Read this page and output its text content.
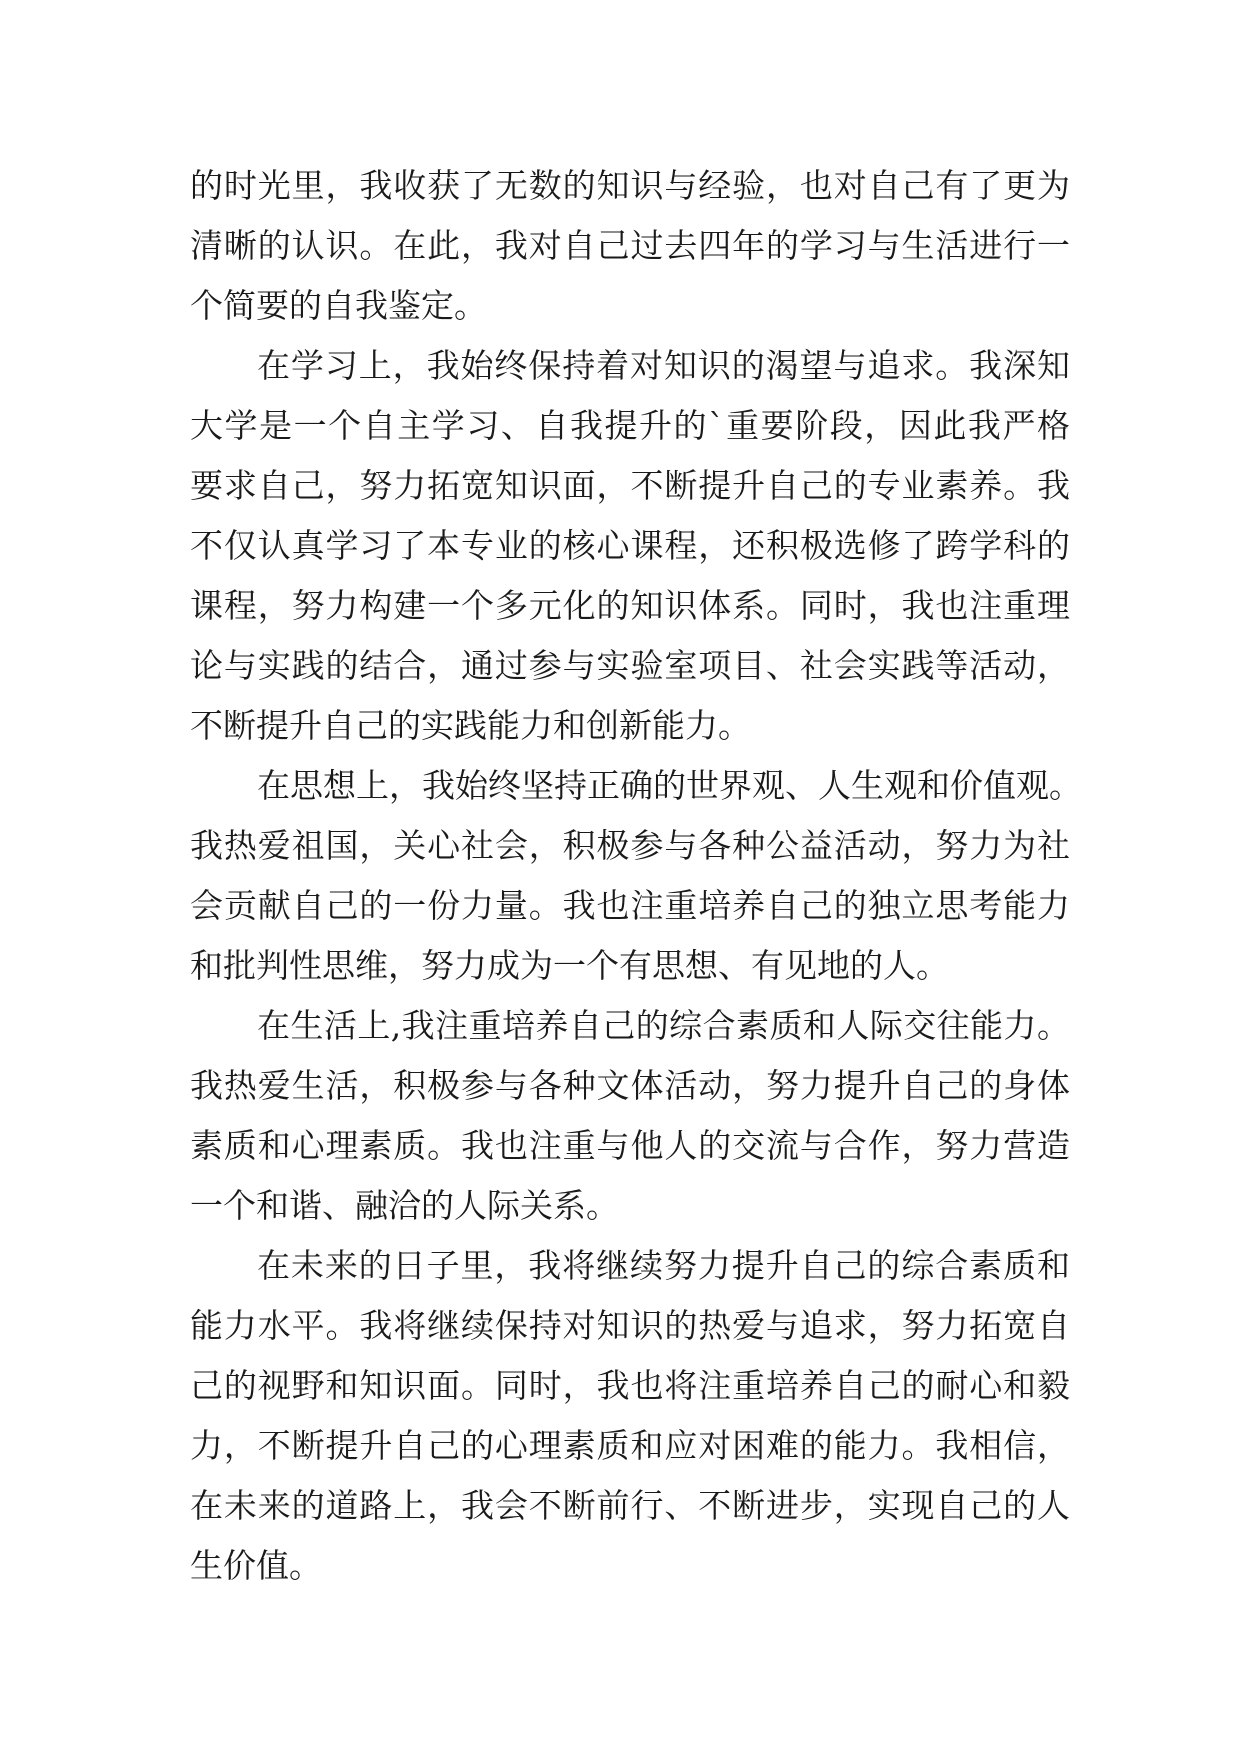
的时光里，我收获了无数的知识与经验，也对自己有了更为
清晰的认识。在此，我对自己过去四年的学习与生活进行一
个简要的自我鉴定。
在学习上，我始终保持着对知识的渴望与追求。我深知
大学是一个自主学习、自我提升的`重要阶段，因此我严格
要求自己，努力拓宽知识面，不断提升自己的专业素养。我
不仅认真学习了本专业的核心课程，还积极选修了跨学科的
课程，努力构建一个多元化的知识体系。同时，我也注重理
论与实践的结合，通过参与实验室项目、社会实践等活动，
不断提升自己的实践能力和创新能力。
在思想上，我始终坚持正确的世界观、人生观和价值观。
我热爱祖国，关心社会，积极参与各种公益活动，努力为社
会贡献自己的一份力量。我也注重培养自己的独立思考能力
和批判性思维，努力成为一个有思想、有见地的人。
在生活上,我注重培养自己的综合素质和人际交往能力。
我热爱生活，积极参与各种文体活动，努力提升自己的身体
素质和心理素质。我也注重与他人的交流与合作，努力营造
一个和谐、融洽的人际关系。
在未来的日子里，我将继续努力提升自己的综合素质和
能力水平。我将继续保持对知识的热爱与追求，努力拓宽自
己的视野和知识面。同时，我也将注重培养自己的耐心和毅
力，不断提升自己的心理素质和应对困难的能力。我相信，
在未来的道路上，我会不断前行、不断进步，实现自己的人
生价值。
